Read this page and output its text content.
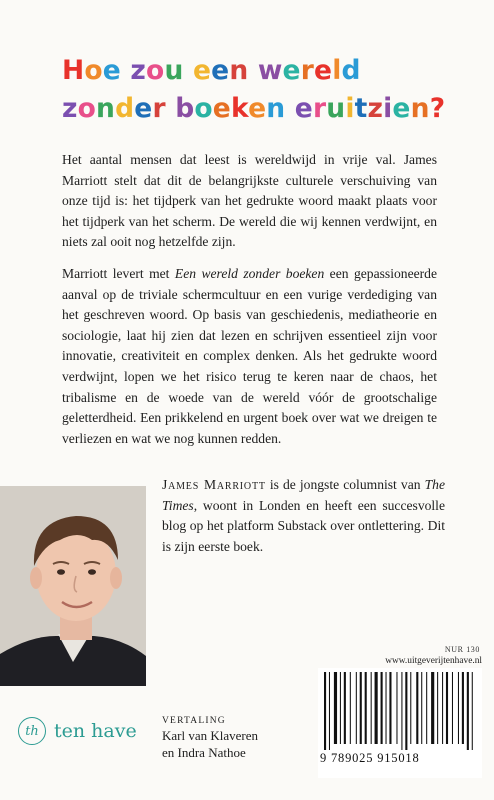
Hoe zou een wereld
zonder boeken eruitzien?

Het aantal mensen dat leest is wereldwijd in vrije val. James Marriott stelt dat dit de belangrijkste culturele verschuiving van onze tijd is: het tijdperk van het gedrukte woord maakt plaats voor het tijdperk van het scherm. De wereld die wij kennen verdwijnt, en niets zal ooit nog hetzelfde zijn.

Marriott levert met Een wereld zonder boeken een gepassioneerde aanval op de triviale schermcultuur en een vurige verdediging van het geschreven woord. Op basis van geschiedenis, mediatheorie en sociologie, laat hij zien dat lezen en schrijven essentieel zijn voor innovatie, creativiteit en complex denken. Als het gedrukte woord verdwijnt, lopen we het risico terug te keren naar de chaos, het tribalisme en de woede van de wereld vóór de grootschalige geletterdheid. Een prikkelend en urgent boek over wat we dreigen te verliezen en wat we nog kunnen redden.

James Marriott is de jongste columnist van The Times, woont in Londen en heeft een succesvolle blog op het platform Substack over ontlettering. Dit is zijn eerste boek.

th ten have	VERTALING
Karl van Klaveren
en Indra Nathoe
NUR 130
www.uitgeverijtenhave.nl
9 789025 915018
